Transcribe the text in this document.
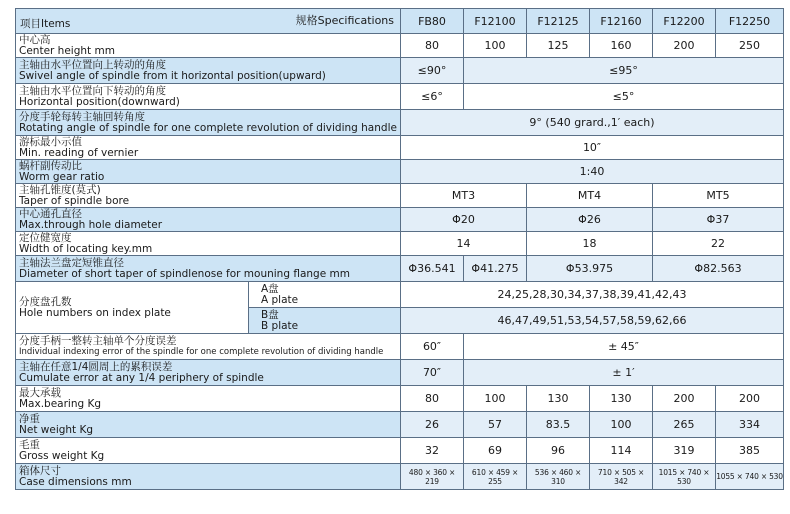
项目Items 规格Specifications		FB80	F12100	F12125	F12160	F12200	F12250

中心高
Center height mm		80	100	125	160	200	250

主轴由水平位置向上转动的角度
Swivel angle of spindle from it horizontal position(upward)		≤90°	≤95°				

主轴由水平位置向下转动的角度
Horizontal position(downward)		≤6°	≤5°				

分度手轮每转主轴回转角度
Rotating angle of spindle for one complete revolution of dividing handle		9° (540 grard.,1′ each)					

游标最小示值
Min. reading of vernier		10″					

蜗杆副传动比
Worm gear ratio		1:40					

主轴孔锥度(莫式)
Taper of spindle bore		MT3		MT4		MT5	

中心通孔直径
Max.through hole diameter		Φ20		Φ26		Φ37	

定位健宽度
Width of locating key.mm		14		18		22	

主轴法兰盘定短锥直径
Diameter of short taper of spindlenose for mouning flange mm		Φ36.541	Φ41.275	Φ53.975		Φ82.563	

分度盘孔数
Hole numbers on index plate	A盘
A plate	24,25,28,30,34,37,38,39,41,42,43					

	B盘
B plate	46,47,49,51,53,54,57,58,59,62,66					

分度手柄一整转主轴单个分度误差
Individual indexing error of the spindle for one complete revolution of dividing handle		60″	± 45″				

主轴在任意1/4圆周上的累积误差
Cumulate error at any 1/4 periphery of spindle		70″	± 1′				

最大承载
Max.bearing Kg		80	100	130	130	200	200

净重
Net weight Kg		26	57	83.5	100	265	334

毛重
Gross weight Kg		32	69	96	114	319	385

箱体尺寸
Case dimensions mm		480 × 360 × 219	610 × 459 × 255	536 × 460 × 310	710 × 505 × 342	1015 × 740 × 530	1055 × 740 × 530
